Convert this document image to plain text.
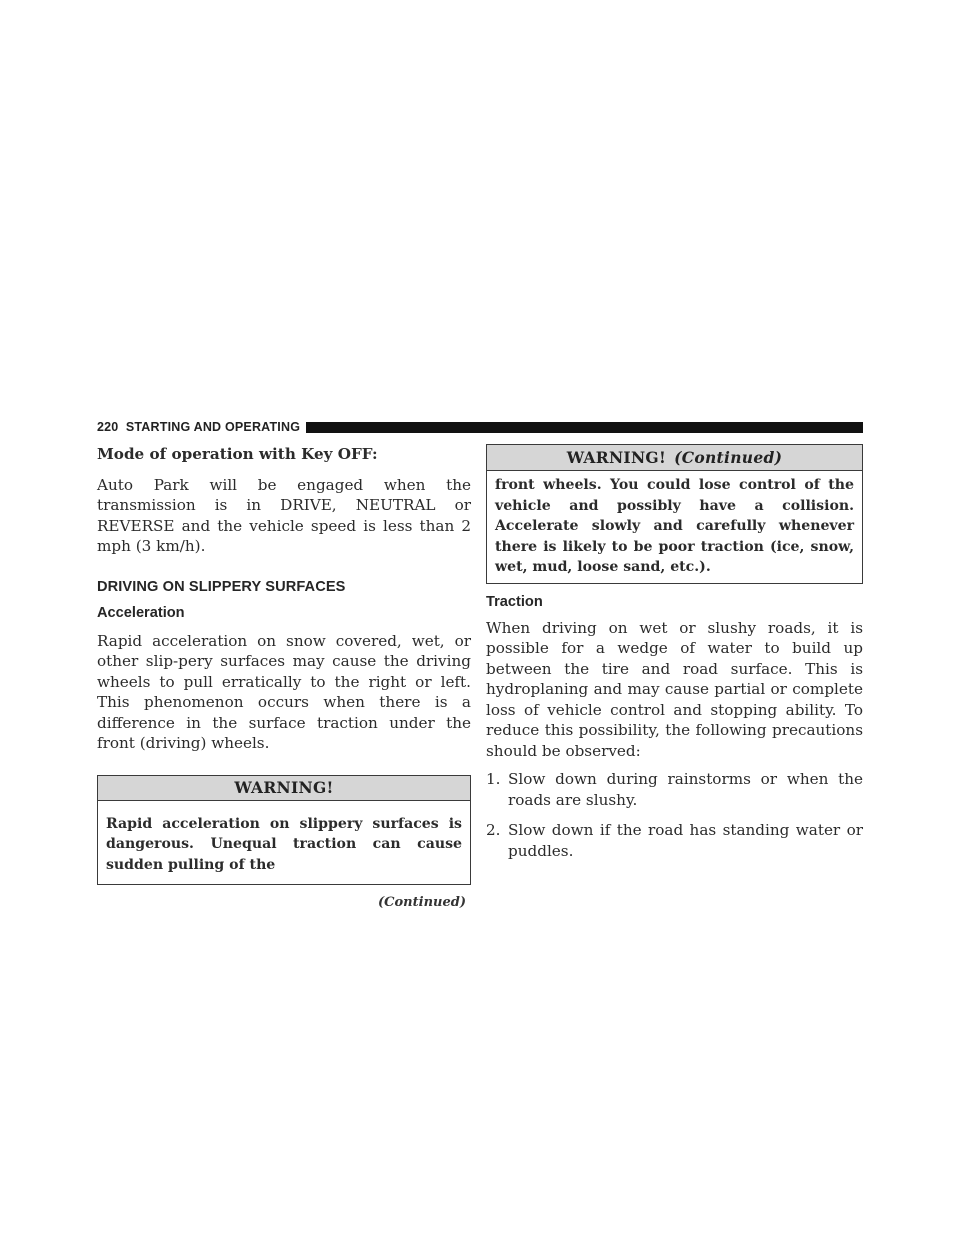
220 STARTING AND OPERATING

Mode of operation with Key OFF:

Auto Park will be engaged when the transmission is in DRIVE, NEUTRAL or REVERSE and the vehicle speed is less than 2 mph (3 km/h).

DRIVING ON SLIPPERY SURFACES
Acceleration

Rapid acceleration on snow covered, wet, or other slip-pery surfaces may cause the driving wheels to pull erratically to the right or left. This phenomenon occurs when there is a difference in the surface traction under the front (driving) wheels.

WARNING!
Rapid acceleration on slippery surfaces is dangerous. Unequal traction can cause sudden pulling of the
(Continued)
WARNING! (Continued)
front wheels. You could lose control of the vehicle and possibly have a collision. Accelerate slowly and carefully whenever there is likely to be poor traction (ice, snow, wet, mud, loose sand, etc.).
Traction

When driving on wet or slushy roads, it is possible for a wedge of water to build up between the tire and road surface. This is hydroplaning and may cause partial or complete loss of vehicle control and stopping ability. To reduce this possibility, the following precautions should be observed:

1. Slow down during rainstorms or when the roads are slushy.
2. Slow down if the road has standing water or puddles.
